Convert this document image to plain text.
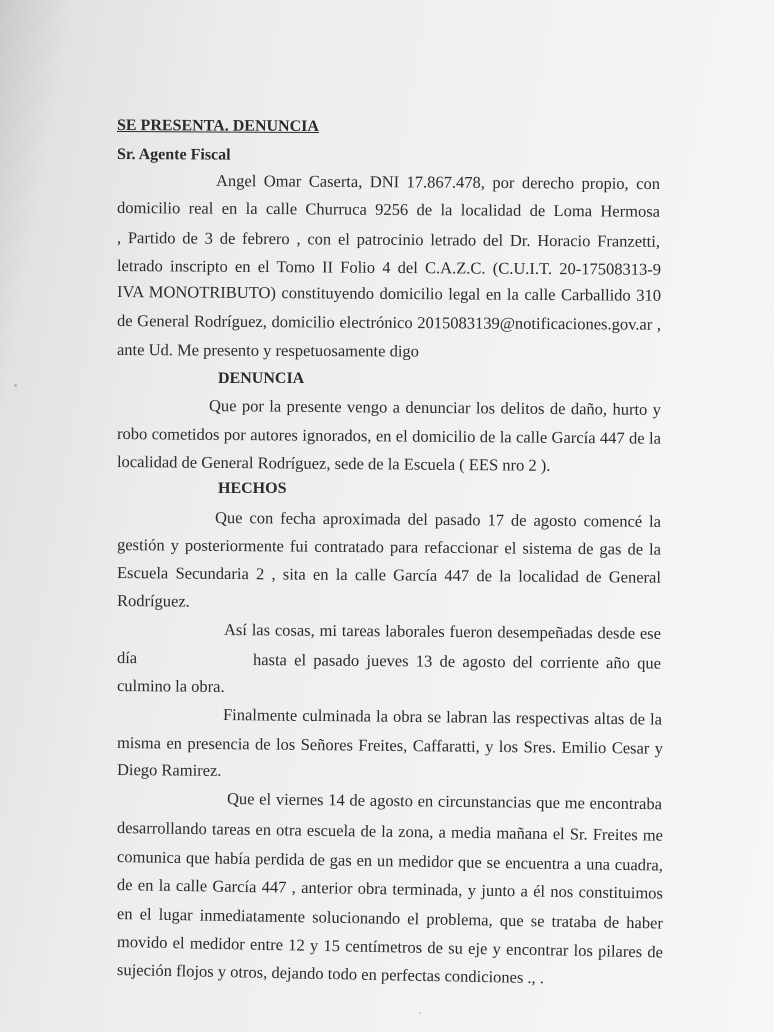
SE PRESENTA. DENUNCIA
Sr. Agente Fiscal
Angel Omar Caserta, DNI 17.867.478, por derecho propio, con
domicilio real en la calle Churruca 9256 de la localidad de Loma Hermosa
, Partido de 3 de febrero , con el patrocinio letrado del Dr. Horacio Franzetti,
letrado inscripto en el Tomo II Folio 4 del C.A.Z.C. (C.U.I.T. 20-17508313-9
IVA MONOTRIBUTO) constituyendo domicilio legal en la calle Carballido 310
de General Rodríguez, domicilio electrónico 2015083139@notificaciones.gov.ar ,
ante Ud. Me presento y respetuosamente digo
DENUNCIA
Que por la presente vengo a denunciar los delitos de daño, hurto y
robo cometidos por autores ignorados, en el domicilio de la calle García 447 de la
localidad de General Rodríguez, sede de la Escuela ( EES nro 2 ).
HECHOS
Que con fecha aproximada del pasado 17 de agosto comencé la
gestión y posteriormente fui contratado para refaccionar el sistema de gas de la
Escuela Secundaria 2 , sita en la calle García 447 de la localidad de General
Rodríguez.
Así las cosas, mi tareas laborales fueron desempeñadas desde ese
día	hasta el pasado jueves 13 de agosto del corriente año que
culmino la obra.
Finalmente culminada la obra se labran las respectivas altas de la
misma en presencia de los Señores Freites, Caffaratti, y los Sres. Emilio Cesar y
Diego Ramirez.
Que el viernes 14 de agosto en circunstancias que me encontraba
desarrollando tareas en otra escuela de la zona, a media mañana el Sr. Freites me
comunica que había perdida de gas en un medidor que se encuentra a una cuadra,
de en la calle García 447 , anterior obra terminada, y junto a él nos constituimos
en el lugar inmediatamente solucionando el problema, que se trataba de haber
movido el medidor entre 12 y 15 centímetros de su eje y encontrar los pilares de
sujeción flojos y otros, dejando todo en perfectas condiciones ., .
